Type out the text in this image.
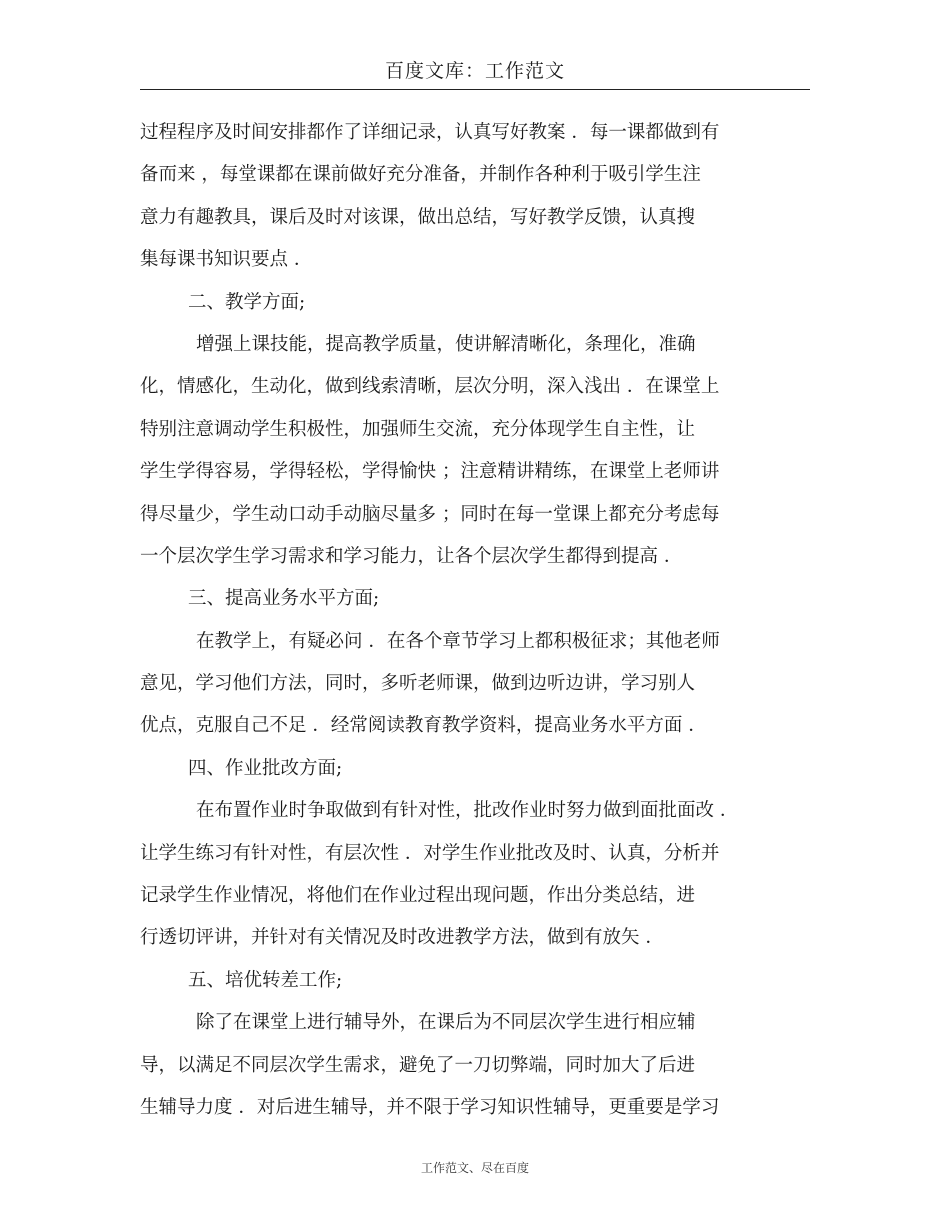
百度文库：工作范文
过程程序及时间安排都作了详细记录，认真写好教案 ．每一课都做到有
备而来 ，每堂课都在课前做好充分准备，并制作各种利于吸引学生注
意力有趣教具，课后及时对该课，做出总结，写好教学反馈，认真搜
集每课书知识要点 ．
二、教学方面;
增强上课技能，提高教学质量，使讲解清晰化，条理化，准确
化，情感化，生动化，做到线索清晰，层次分明，深入浅出 ．在课堂上
特别注意调动学生积极性，加强师生交流，充分体现学生自主性，让
学生学得容易，学得轻松，学得愉快 ；注意精讲精练，在课堂上老师讲
得尽量少，学生动口动手动脑尽量多 ；同时在每一堂课上都充分考虑每
一个层次学生学习需求和学习能力，让各个层次学生都得到提高 ．
三、提高业务水平方面;
在教学上，有疑必问 ．在各个章节学习上都积极征求；其他老师
意见，学习他们方法，同时，多听老师课，做到边听边讲，学习别人
优点，克服自己不足 ．经常阅读教育教学资料，提高业务水平方面 ．
四、作业批改方面;
在布置作业时争取做到有针对性，批改作业时努力做到面批面改 ．
让学生练习有针对性，有层次性 ．对学生作业批改及时、认真，分析并
记录学生作业情况，将他们在作业过程出现问题，作出分类总结，进
行透切评讲，并针对有关情况及时改进教学方法，做到有放矢 ．
五、培优转差工作;
除了在课堂上进行辅导外，在课后为不同层次学生进行相应辅
导，以满足不同层次学生需求，避免了一刀切弊端，同时加大了后进
生辅导力度 ．对后进生辅导，并不限于学习知识性辅导，更重要是学习
工作范文、尽在百度
